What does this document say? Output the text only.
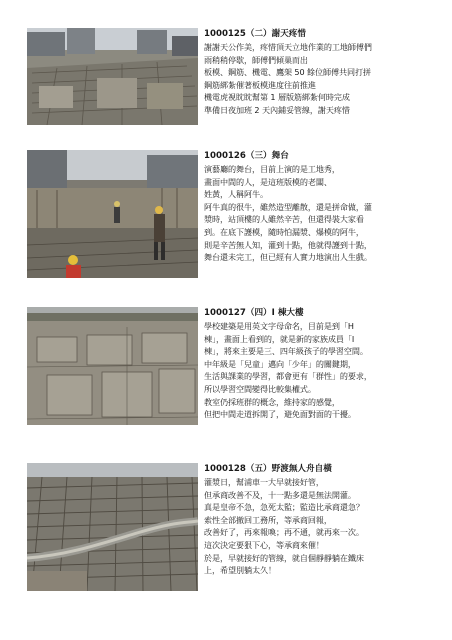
1000125（二）謝天疼惜

謝謝天公作美，疼惜頂天立地作業的工地師傅們

雨稍稍停歇，師傅們傾巢而出

板模、鋼筋、機電、鷹架 50 餘位師傅共同打拼

鋼筋綁紮催著板模進度往前推進

機電虎視眈眈幫第 1 層版筋綁紮何時完成

準備日夜加班 2 天內鋪妥管線，謝天疼惜

1000126（三）舞台

演藝廳的舞台，目前上演的是工地秀，

畫面中間的人，是這班版模的老闆、

姓黃，人稱阿牛。

阿牛真的很牛，雖然造型離散，還是拼命做，灌

漿時，站頂樓的人雖然辛苦，但還得裝大家看

到。在底下護模，隨時怕漏漿、爆模的阿牛，

則是辛苦無人知，灌到十點，他就得護到十點，

舞台還未完工，但已經有人實力地演出人生戲。

1000127（四）I 棟大樓

學校建築是用英文字母命名，目前是到「H

棟」，畫面上看到的，就是新的家族成員「I

棟」，將來主要是三、四年級孩子的學習空間。

中年級是「兒童」邁向「少年」的關鍵期，

生活與課業的學習，都會更有「群性」的要求，

所以學習空間變得比較集權式。

教室仍採班群的概念，維持家的感覺，

但把中間走道拆開了，避免面對面的干擾。

1000128（五）野渡無人舟自橫

灌漿日，幫浦車一大早就接好管，

但承商改善不及，十一點多還是無法開灌。

真是皇帝不急，急死太監；監造比承商還急？

索性全部撤回工務所，等承商回報，

改善好了，再來報喚；再不通，就再來一次。

這次決定要狠下心，等承商來催！

於是，早就接好的管線，就自個靜靜躺在鐵床

上，希望別躺太久！
